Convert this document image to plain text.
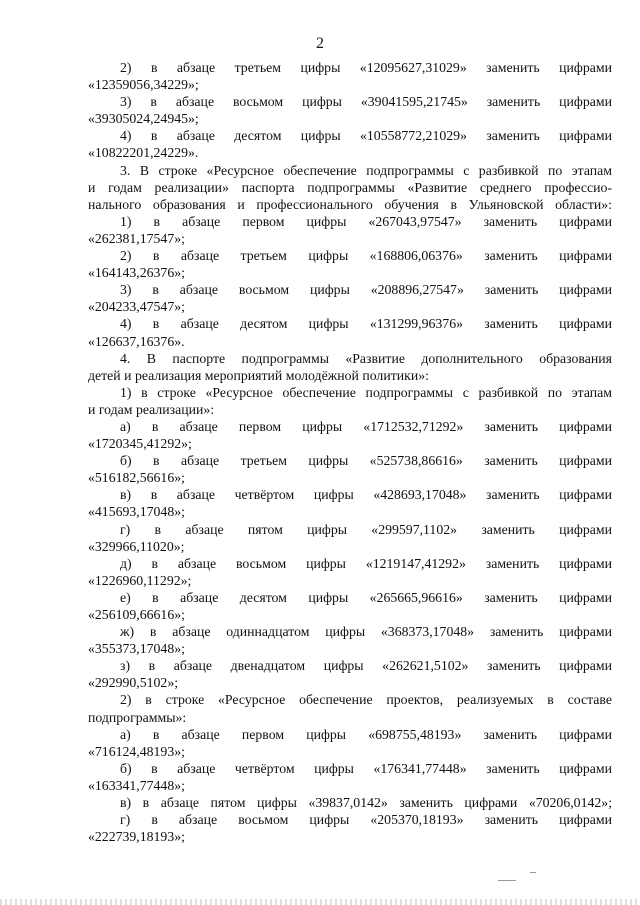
2
2) в абзаце третьем цифры «12095627,31029» заменить цифрами
«12359056,34229»;
3) в абзаце восьмом цифры «39041595,21745» заменить цифрами
«39305024,24945»;
4) в абзаце десятом цифры «10558772,21029» заменить цифрами
«10822201,24229».
3. В строке «Ресурсное обеспечение подпрограммы с разбивкой по этапам
и годам реализации» паспорта подпрограммы «Развитие среднего профессио-
нального образования и профессионального обучения в Ульяновской области»:
1) в абзаце первом цифры «267043,97547» заменить цифрами
«262381,17547»;
2) в абзаце третьем цифры «168806,06376» заменить цифрами
«164143,26376»;
3) в абзаце восьмом цифры «208896,27547» заменить цифрами
«204233,47547»;
4) в абзаце десятом цифры «131299,96376» заменить цифрами
«126637,16376».
4. В паспорте подпрограммы «Развитие дополнительного образования
детей и реализация мероприятий молодёжной политики»:
1) в строке «Ресурсное обеспечение подпрограммы с разбивкой по этапам
и годам реализации»:
а) в абзаце первом цифры «1712532,71292» заменить цифрами
«1720345,41292»;
б) в абзаце третьем цифры «525738,86616» заменить цифрами
«516182,56616»;
в) в абзаце четвёртом цифры «428693,17048» заменить цифрами
«415693,17048»;
г) в абзаце пятом цифры «299597,1102» заменить цифрами
«329966,11020»;
д) в абзаце восьмом цифры «1219147,41292» заменить цифрами
«1226960,11292»;
е) в абзаце десятом цифры «265665,96616» заменить цифрами
«256109,66616»;
ж) в абзаце одиннадцатом цифры «368373,17048» заменить цифрами
«355373,17048»;
з) в абзаце двенадцатом цифры «262621,5102» заменить цифрами
«292990,5102»;
2) в строке «Ресурсное обеспечение проектов, реализуемых в составе
подпрограммы»:
а) в абзаце первом цифры «698755,48193» заменить цифрами
«716124,48193»;
б) в абзаце четвёртом цифры «176341,77448» заменить цифрами
«163341,77448»;
в) в абзаце пятом цифры «39837,0142» заменить цифрами «70206,0142»;
г) в абзаце восьмом цифры «205370,18193» заменить цифрами
«222739,18193»;
